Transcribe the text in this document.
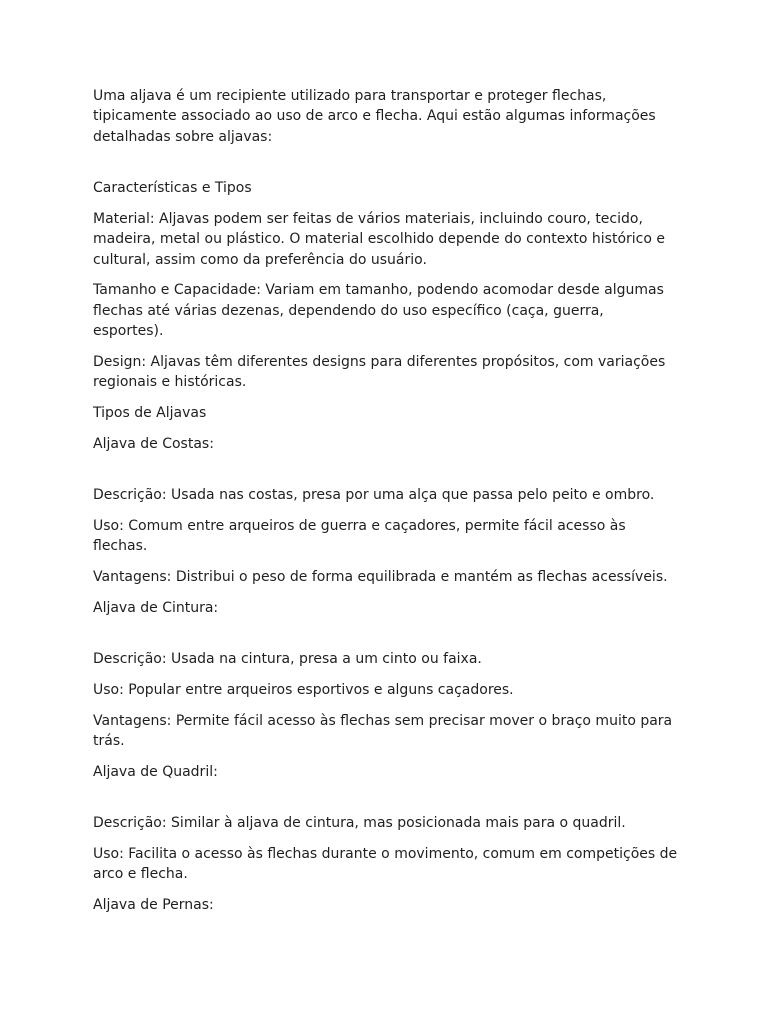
Uma aljava é um recipiente utilizado para transportar e proteger flechas, tipicamente associado ao uso de arco e flecha. Aqui estão algumas informações detalhadas sobre aljavas:

Características e Tipos

Material: Aljavas podem ser feitas de vários materiais, incluindo couro, tecido, madeira, metal ou plástico. O material escolhido depende do contexto histórico e cultural, assim como da preferência do usuário.

Tamanho e Capacidade: Variam em tamanho, podendo acomodar desde algumas flechas até várias dezenas, dependendo do uso específico (caça, guerra, esportes).

Design: Aljavas têm diferentes designs para diferentes propósitos, com variações regionais e históricas.

Tipos de Aljavas

Aljava de Costas:

Descrição: Usada nas costas, presa por uma alça que passa pelo peito e ombro.

Uso: Comum entre arqueiros de guerra e caçadores, permite fácil acesso às flechas.

Vantagens: Distribui o peso de forma equilibrada e mantém as flechas acessíveis.

Aljava de Cintura:

Descrição: Usada na cintura, presa a um cinto ou faixa.

Uso: Popular entre arqueiros esportivos e alguns caçadores.

Vantagens: Permite fácil acesso às flechas sem precisar mover o braço muito para trás.

Aljava de Quadril:

Descrição: Similar à aljava de cintura, mas posicionada mais para o quadril.

Uso: Facilita o acesso às flechas durante o movimento, comum em competições de arco e flecha.

Aljava de Pernas:
